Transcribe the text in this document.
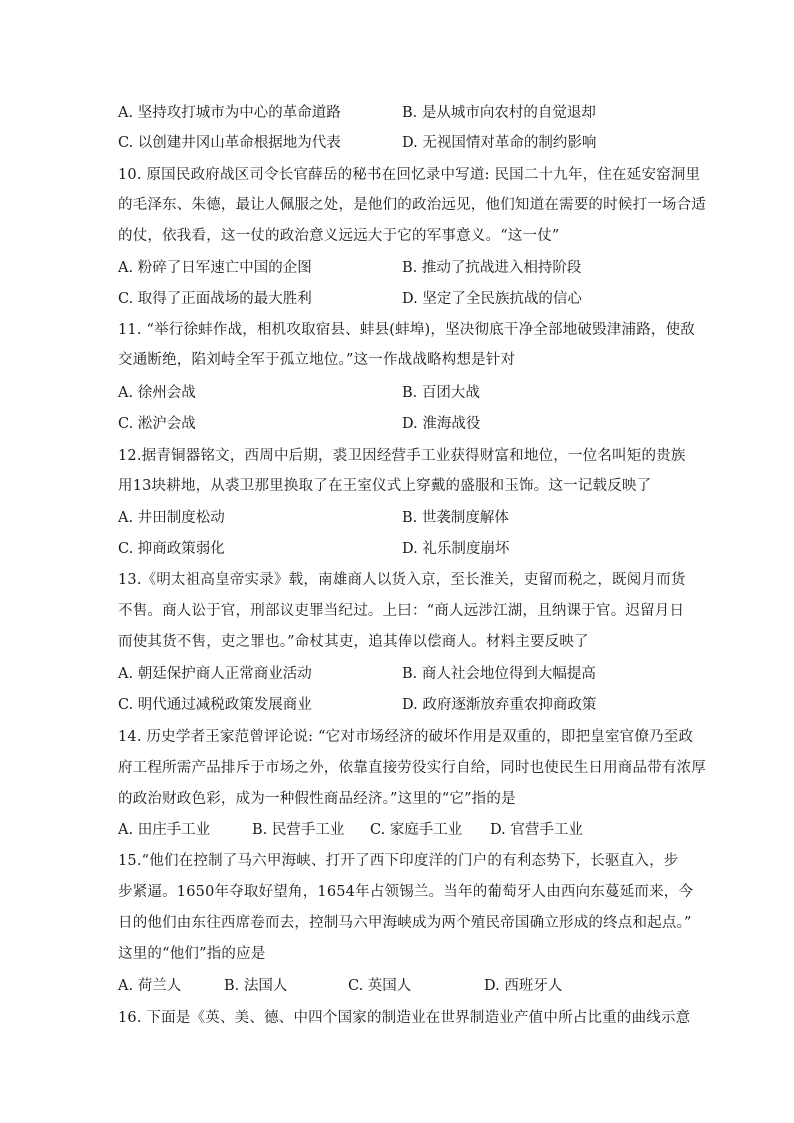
A. 坚持攻打城市为中心的革命道路	B. 是从城市向农村的自觉退却
C. 以创建井冈山革命根据地为代表	D. 无视国情对革命的制约影响
10. 原国民政府战区司令长官薛岳的秘书在回忆录中写道: 民国二十九年，住在延安窑洞里
的毛泽东、朱德，最让人佩服之处，是他们的政治远见，他们知道在需要的时候打一场合适
的仗，依我看，这一仗的政治意义远远大于它的军事意义。“这一仗”
A. 粉碎了日军速亡中国的企图	B. 推动了抗战进入相持阶段
C. 取得了正面战场的最大胜利	D. 坚定了全民族抗战的信心
11. “举行徐蚌作战，相机攻取宿县、蚌县(蚌埠)，坚决彻底干净全部地破毁津浦路，使敌
交通断绝，陷刘峙全军于孤立地位。”这一作战战略构想是针对
A. 徐州会战	B. 百团大战
C. 淞沪会战	D. 淮海战役
12.据青铜器铭文，西周中后期，裘卫因经营手工业获得财富和地位，一位名叫矩的贵族
用13块耕地，从裘卫那里换取了在王室仪式上穿戴的盛服和玉饰。这一记载反映了
A. 井田制度松动	B. 世袭制度解体
C. 抑商政策弱化	D. 礼乐制度崩坏
13.《明太祖高皇帝实录》载，南雄商人以货入京，至长淮关，吏留而税之，既阅月而货
不售。商人讼于官，刑部议吏罪当纪过。上曰：“商人远涉江湖，且纳课于官。迟留月日
而使其货不售，吏之罪也。”命杖其吏，追其俸以偿商人。材料主要反映了
A. 朝廷保护商人正常商业活动	B. 商人社会地位得到大幅提高
C. 明代通过减税政策发展商业	D. 政府逐渐放弃重农抑商政策
14. 历史学者王家范曾评论说: “它对市场经济的破坏作用是双重的，即把皇室官僚乃至政
府工程所需产品排斥于市场之外，依靠直接劳役实行自给，同时也使民生日用商品带有浓厚
的政治财政色彩，成为一种假性商品经济。”这里的“它”指的是
A. 田庄手工业	B. 民营手工业 C. 家庭手工业 D. 官营手工业
15.“他们在控制了马六甲海峡、打开了西下印度洋的门户的有利态势下，长驱直入，步
步紧逼。1650年夺取好望角，1654年占领锡兰。当年的葡萄牙人由西向东蔓延而来，今
日的他们由东往西席卷而去，控制马六甲海峡成为两个殖民帝国确立形成的终点和起点。”
这里的“他们”指的应是
A. 荷兰人	B. 法国人	C. 英国人	D. 西班牙人
16. 下面是《英、美、德、中四个国家的制造业在世界制造业产值中所占比重的曲线示意
